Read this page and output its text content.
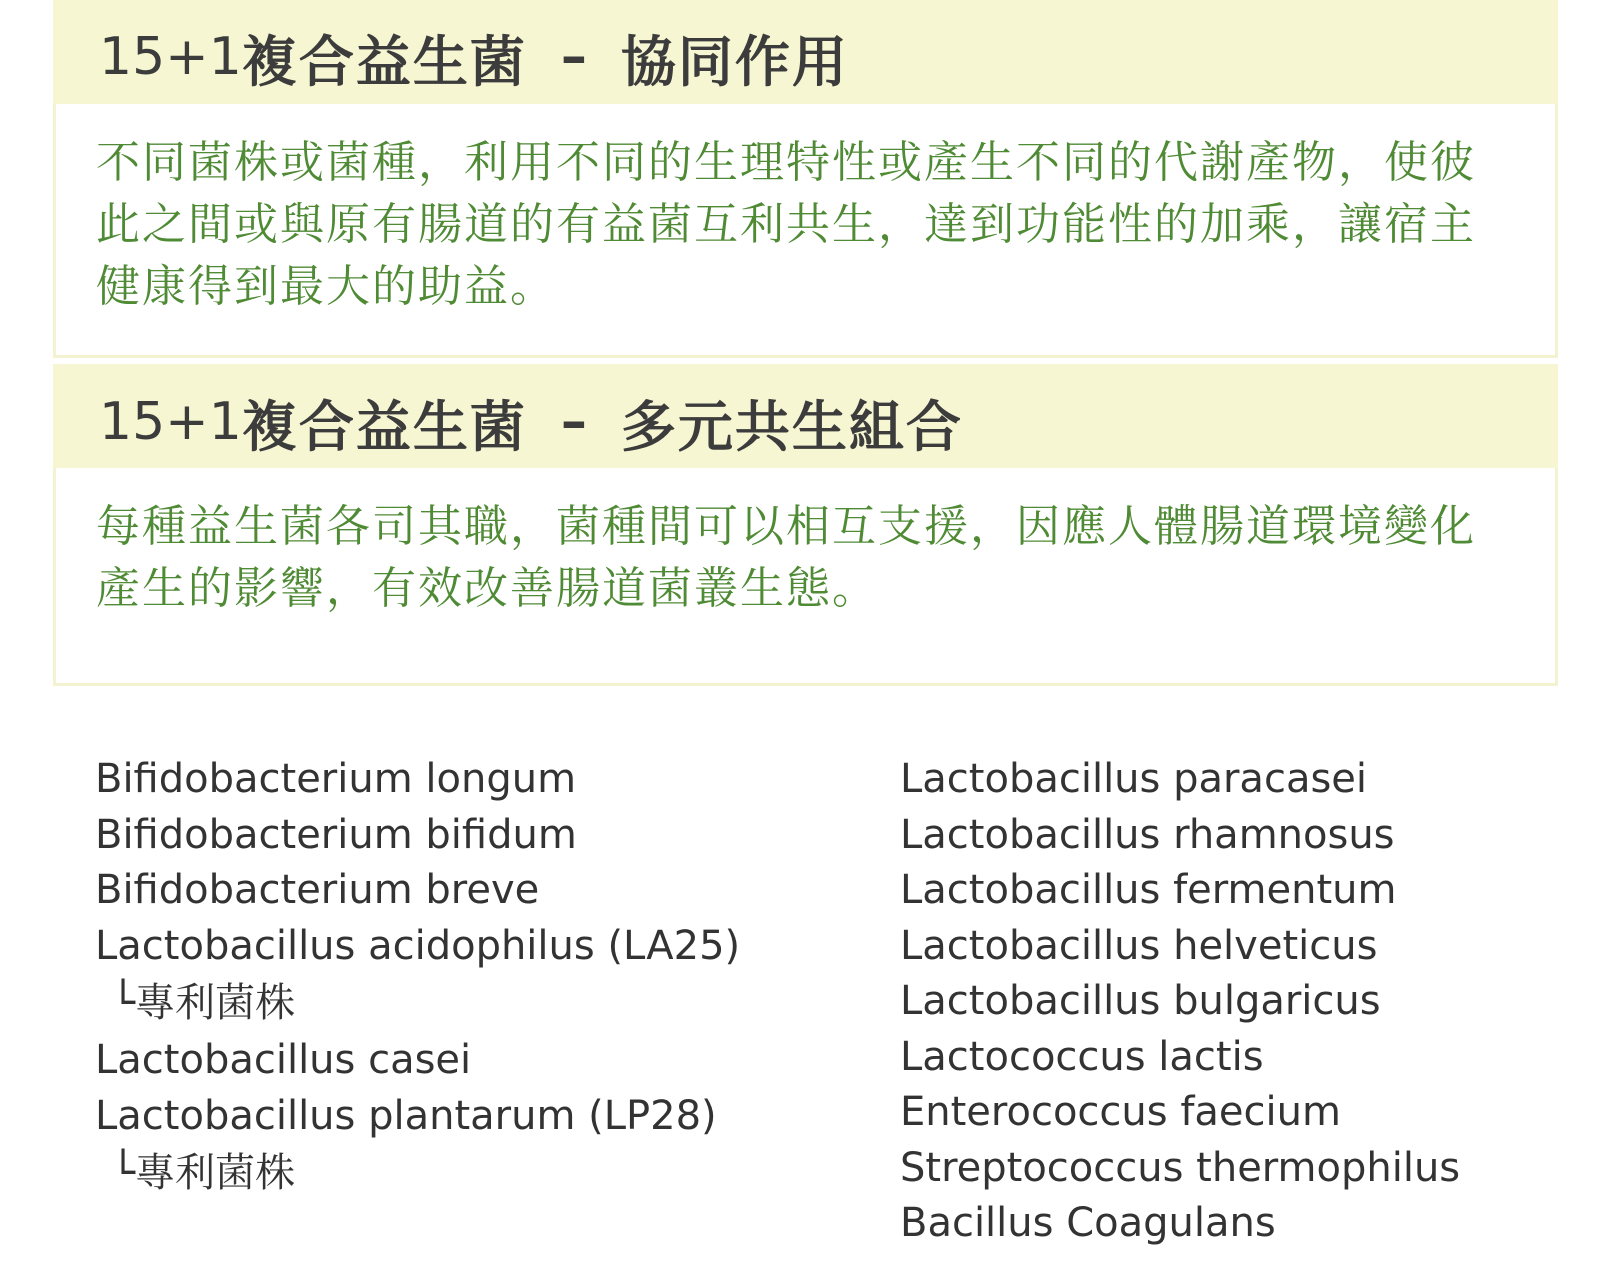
15+1 複合益生菌 – 協同作用

不同菌株或菌種，利用不同的生理特性或產生不同的代謝產物，使彼此之間或與原有腸道的有益菌互利共生，達到功能性的加乘，讓宿主健康得到最大的助益。

15+1 複合益生菌 – 多元共生組合

每種益生菌各司其職，菌種間可以相互支援，因應人體腸道環境變化產生的影響，有效改善腸道菌叢生態。

Bifidobacterium longum
Bifidobacterium bifidum
Bifidobacterium breve
Lactobacillus acidophilus (LA25)
└專利菌株
Lactobacillus casei
Lactobacillus plantarum (LP28)
└專利菌株
Lactobacillus paracasei
Lactobacillus rhamnosus
Lactobacillus fermentum
Lactobacillus helveticus
Lactobacillus bulgaricus
Lactococcus lactis
Enterococcus faecium
Streptococcus thermophilus
Bacillus Coagulans
